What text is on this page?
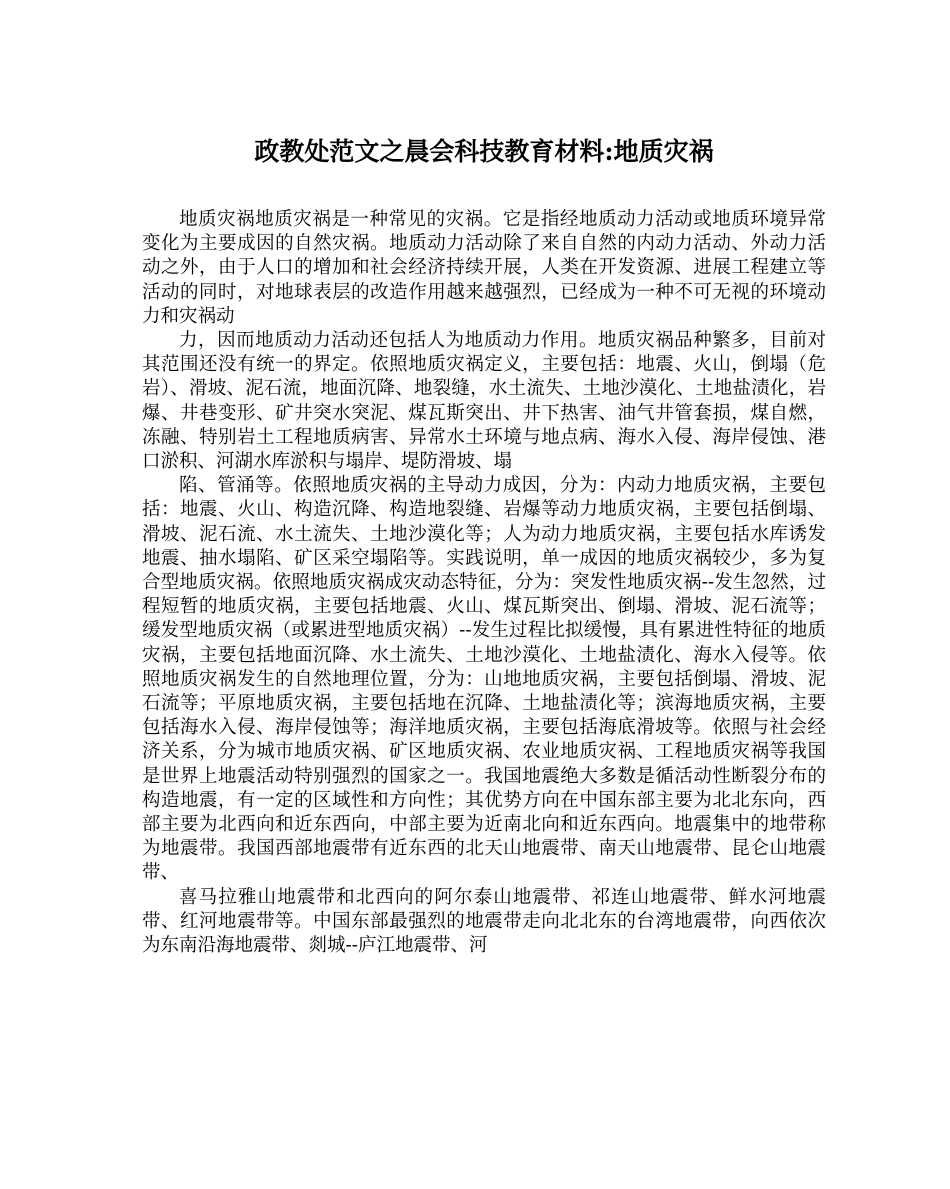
政教处范文之晨会科技教育材料:地质灾祸

地质灾祸地质灾祸是一种常见的灾祸。它是指经地质动力活动或地质环境异常变化为主要成因的自然灾祸。地质动力活动除了来自自然的内动力活动、外动力活动之外，由于人口的增加和社会经济持续开展，人类在开发资源、进展工程建立等活动的同时，对地球表层的改造作用越来越强烈，已经成为一种不可无视的环境动力和灾祸动

力，因而地质动力活动还包括人为地质动力作用。地质灾祸品种繁多，目前对其范围还没有统一的界定。依照地质灾祸定义，主要包括：地震、火山，倒塌（危岩）、滑坡、泥石流，地面沉降、地裂缝，水土流失、土地沙漠化、土地盐渍化，岩爆、井巷变形、矿井突水突泥、煤瓦斯突出、井下热害、油气井管套损，煤自燃，冻融、特别岩土工程地质病害、异常水土环境与地点病、海水入侵、海岸侵蚀、港口淤积、河湖水库淤积与塌岸、堤防滑坡、塌

陷、管涌等。依照地质灾祸的主导动力成因，分为：内动力地质灾祸，主要包括：地震、火山、构造沉降、构造地裂缝、岩爆等动力地质灾祸，主要包括倒塌、滑坡、泥石流、水土流失、土地沙漠化等；人为动力地质灾祸，主要包括水库诱发地震、抽水塌陷、矿区采空塌陷等。实践说明，单一成因的地质灾祸较少，多为复合型地质灾祸。依照地质灾祸成灾动态特征，分为：突发性地质灾祸--发生忽然，过程短暂的地质灾祸，主要包括地震、火山、煤瓦斯突出、倒塌、滑坡、泥石流等；缓发型地质灾祸（或累进型地质灾祸）--发生过程比拟缓慢，具有累进性特征的地质灾祸，主要包括地面沉降、水土流失、土地沙漠化、土地盐渍化、海水入侵等。依照地质灾祸发生的自然地理位置，分为：山地地质灾祸，主要包括倒塌、滑坡、泥石流等；平原地质灾祸，主要包括地在沉降、土地盐渍化等；滨海地质灾祸，主要包括海水入侵、海岸侵蚀等；海洋地质灾祸，主要包括海底滑坡等。依照与社会经济关系，分为城市地质灾祸、矿区地质灾祸、农业地质灾祸、工程地质灾祸等我国是世界上地震活动特别强烈的国家之一。我国地震绝大多数是循活动性断裂分布的构造地震，有一定的区域性和方向性；其优势方向在中国东部主要为北北东向，西部主要为北西向和近东西向，中部主要为近南北向和近东西向。地震集中的地带称为地震带。我国西部地震带有近东西的北天山地震带、南天山地震带、昆仑山地震带、

喜马拉雅山地震带和北西向的阿尔泰山地震带、祁连山地震带、鲜水河地震带、红河地震带等。中国东部最强烈的地震带走向北北东的台湾地震带，向西依次为东南沿海地震带、剡城--庐江地震带、河
